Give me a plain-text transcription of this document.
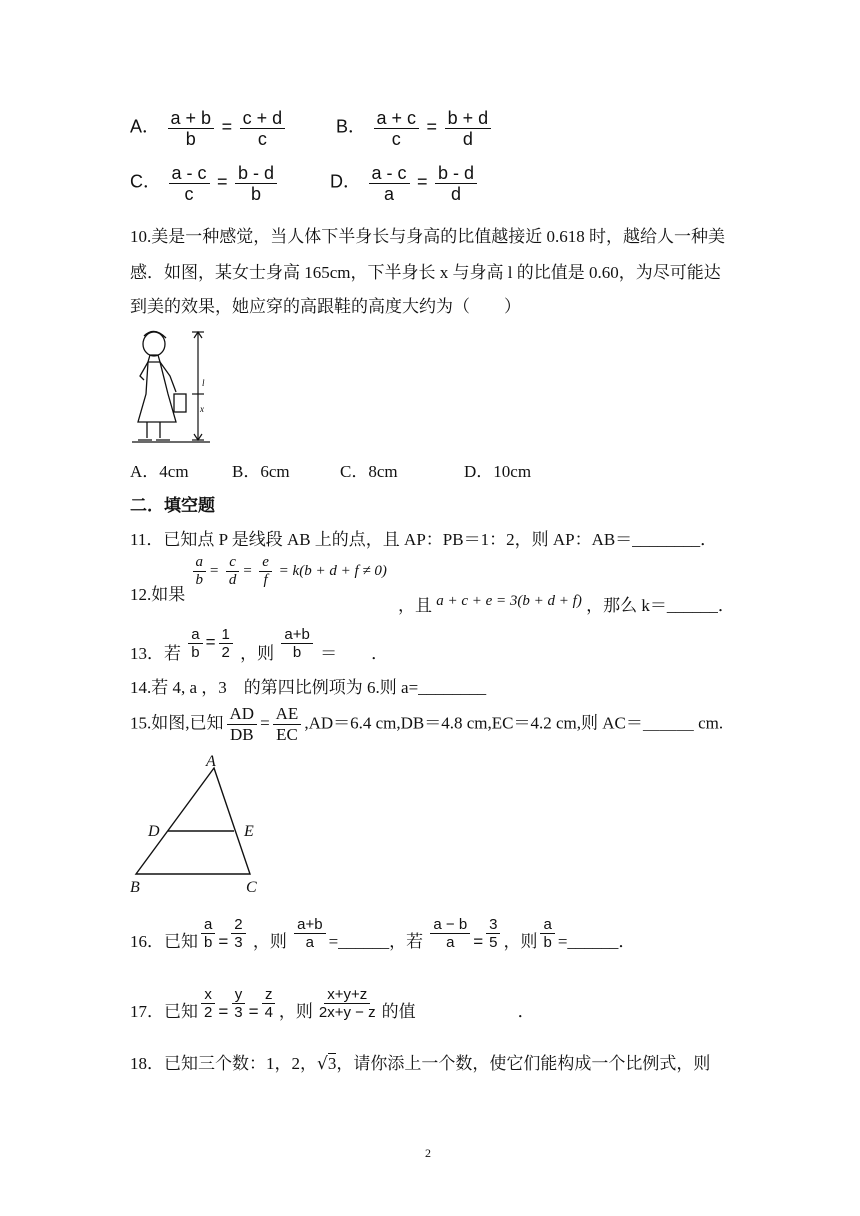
A． $\frac{a + b}{b} = \frac{c + d}{c}$	B． $\frac{a + c}{c} = \frac{b + d}{d}$
C． $\frac{a - c}{c} = \frac{b - d}{b}$	D． $\frac{a - c}{a} = \frac{b - d}{d}$
10.美是一种感觉，当人体下半身长与身高的比值越接近 0.618 时，越给人一种美
感．如图，某女士身高 165cm，下半身长 x 与身高 l 的比值是 0.60，为尽可能达
到美的效果，她应穿的高跟鞋的高度大约为（　　）
l
x
A．4cm	B．6cm	C．8cm	D．10cm
二．填空题
11．已知点 P 是线段 AB 上的点，且 AP：PB＝1：2，则 AP：AB＝________．
12.如果
$\frac{a}{b} = \frac{c}{d} = \frac{e}{f} = k(b + d + f \ne 0)$
，且 a + c + e = 3(b + d + f) ，那么 k＝______．
13．若 $\frac{a}{b} = \frac{1}{2}$ ，则 $\frac{a+b}{b}$ ＝　　．
14.若 4, a ，3　的第四比例项为 6.则 a=________
15.如图,已知 $\frac{AD}{DB} = \frac{AE}{EC} ,AD=6.4$ cm,DB＝4.8 cm,EC＝4.2 cm,则 AC＝＿＿＿ cm.
A
D	E
B	C
16．已知 $\frac{a}{b} = \frac{2}{3}$ ，则 $\frac{a+b}{a}$ =______，若 $\frac{a - b}{a} = \frac{3}{5}$ ，则 $\frac{a}{b}$ =______．
17．已知 $\frac{x}{2} = \frac{y}{3} = \frac{z}{4}$ ，则 $\frac{x+y+z}{2x+y - z}$ 的值　　　　　　．
18．已知三个数：1，2，√3，请你添上一个数，使它们能构成一个比例式，则
2
